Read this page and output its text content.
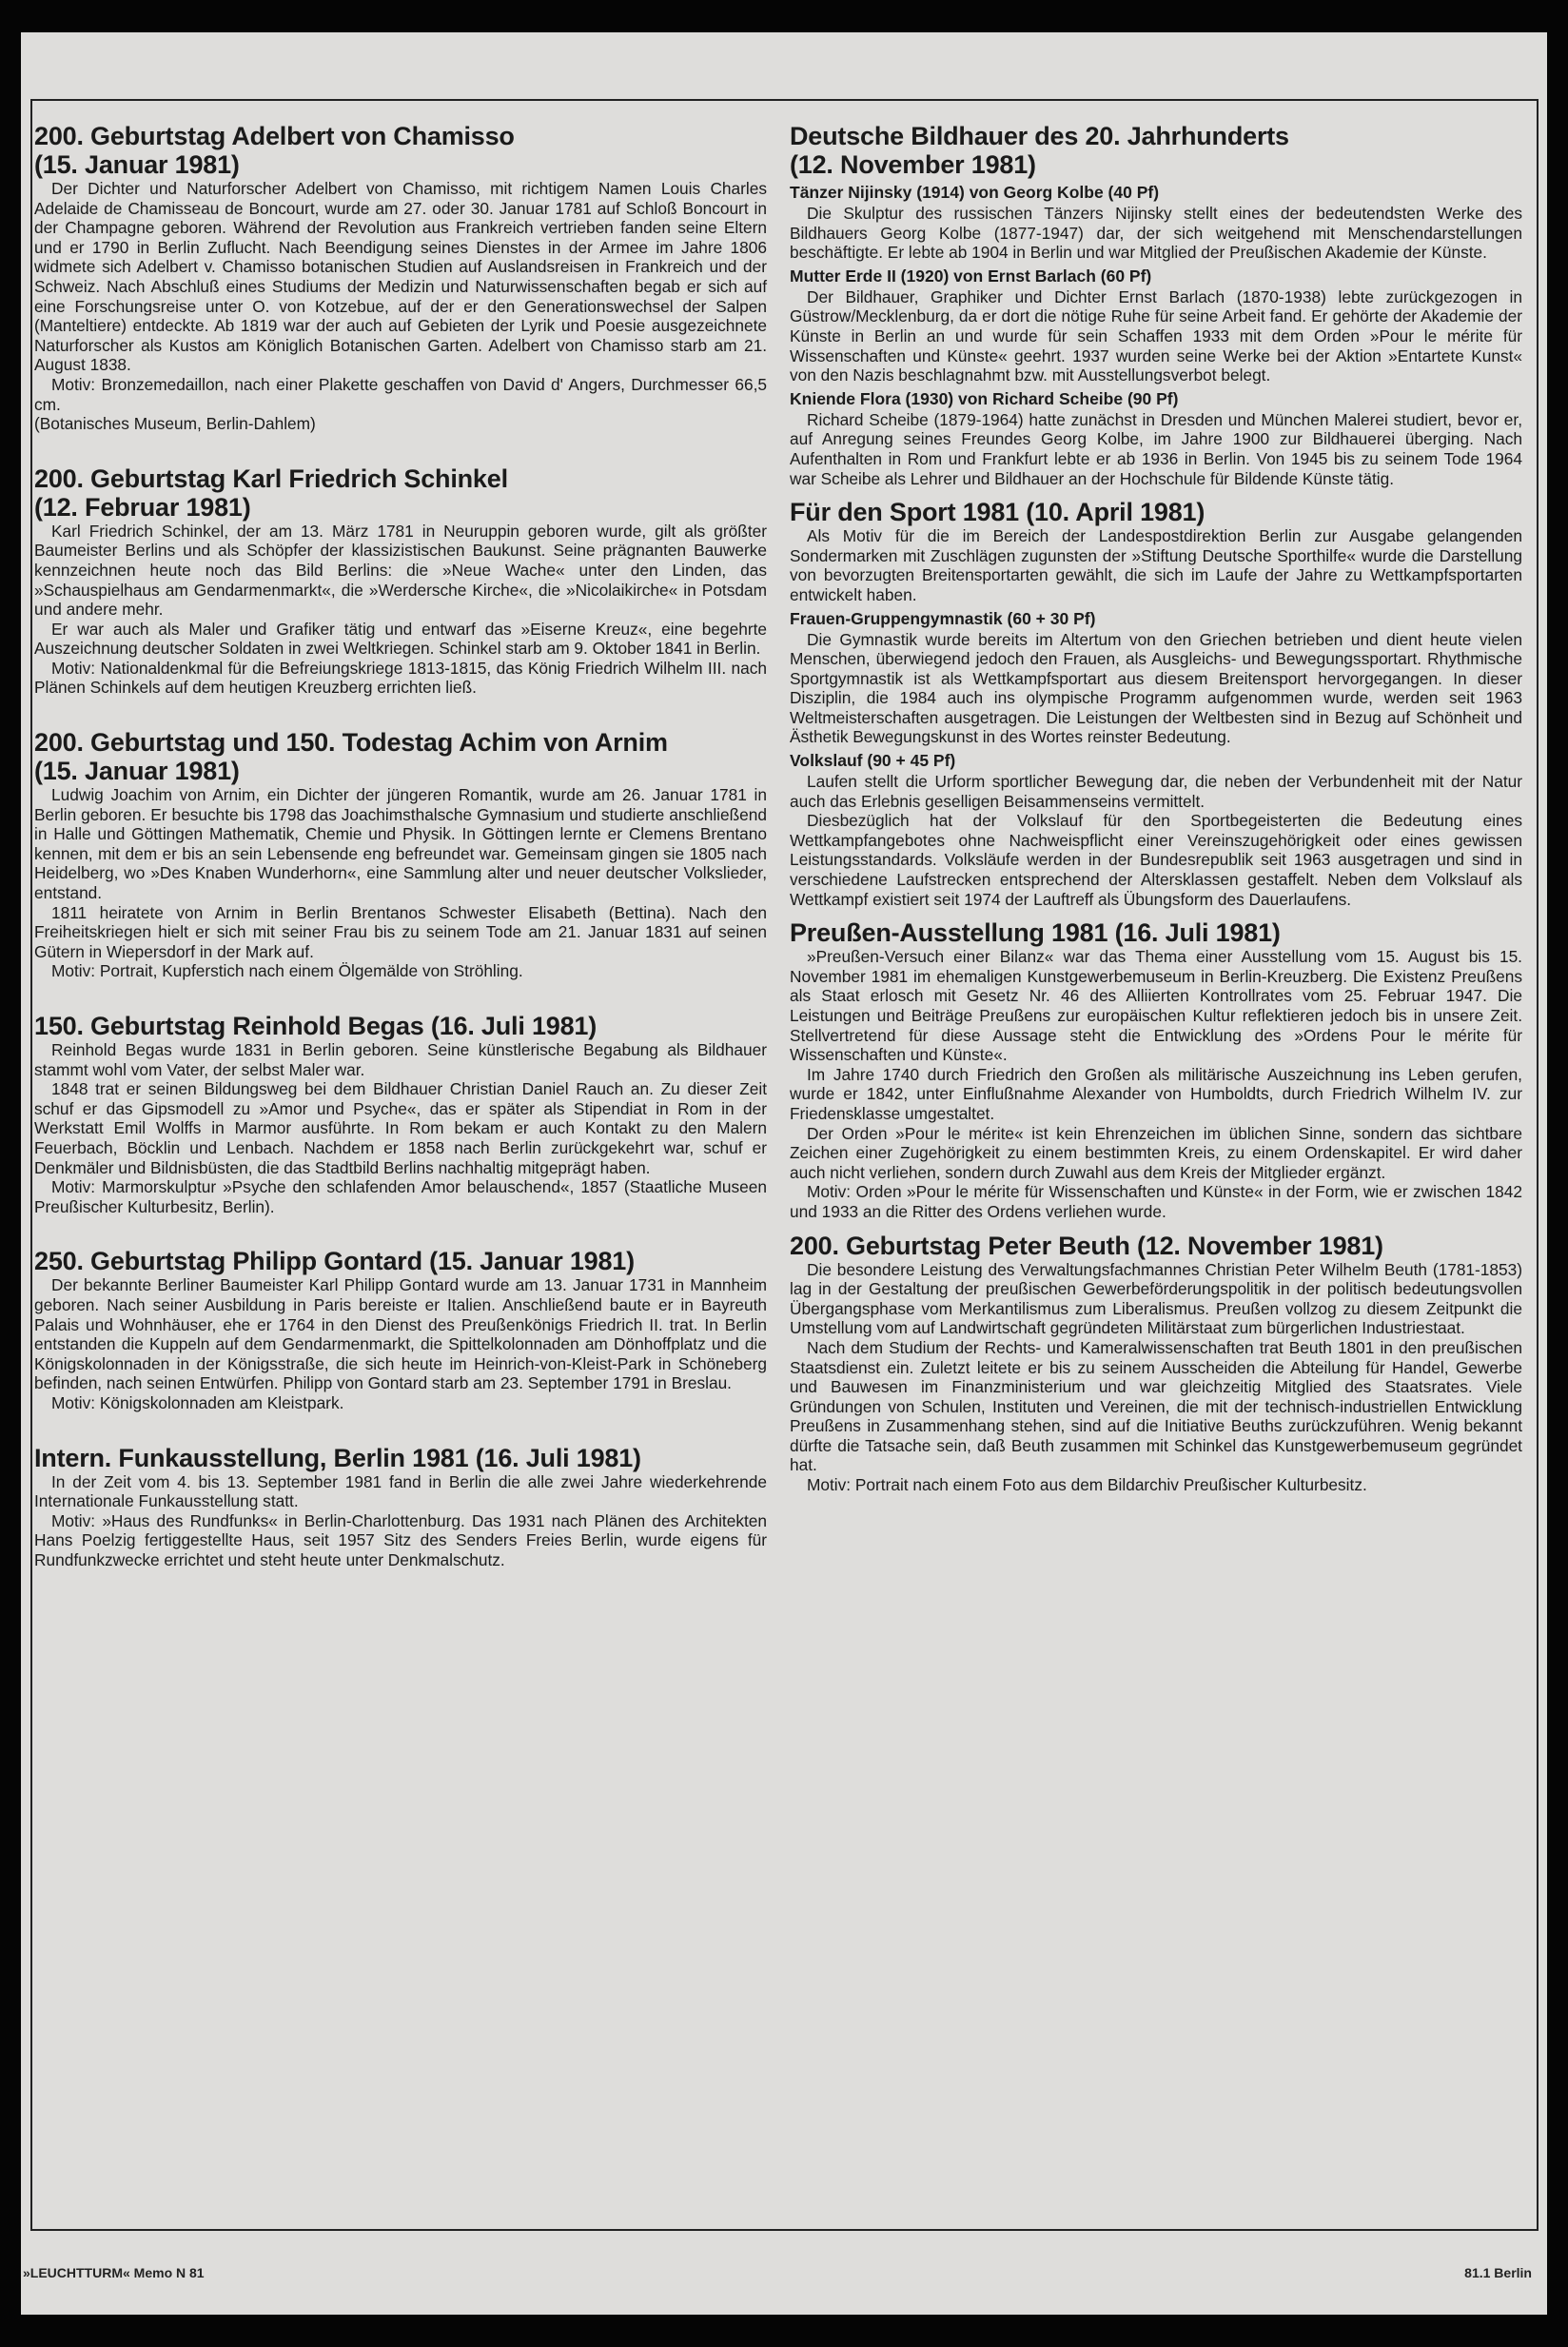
200. Geburtstag Adelbert von Chamisso
(15. Januar 1981)

Der Dichter und Naturforscher Adelbert von Chamisso, mit richtigem Namen Louis Charles Adelaide de Chamisseau de Boncourt, wurde am 27. oder 30. Januar 1781 auf Schloß Boncourt in der Champagne geboren. Während der Revolution aus Frankreich vertrieben fanden seine Eltern und er 1790 in Berlin Zuflucht. Nach Beendigung seines Dienstes in der Armee im Jahre 1806 widmete sich Adelbert v. Chamisso botanischen Studien auf Auslandsreisen in Frankreich und der Schweiz. Nach Abschluß eines Studiums der Medizin und Naturwissenschaften begab er sich auf eine Forschungsreise unter O. von Kotzebue, auf der er den Generationswechsel der Salpen (Manteltiere) entdeckte. Ab 1819 war der auch auf Gebieten der Lyrik und Poesie ausgezeichnete Naturforscher als Kustos am Königlich Botanischen Garten. Adelbert von Chamisso starb am 21. August 1838.

Motiv: Bronzemedaillon, nach einer Plakette geschaffen von David d' Angers, Durchmesser 66,5 cm.

(Botanisches Museum, Berlin-Dahlem)

200. Geburtstag Karl Friedrich Schinkel
(12. Februar 1981)

Karl Friedrich Schinkel, der am 13. März 1781 in Neuruppin geboren wurde, gilt als größter Baumeister Berlins und als Schöpfer der klassizistischen Baukunst. Seine prägnanten Bauwerke kennzeichnen heute noch das Bild Berlins: die »Neue Wache« unter den Linden, das »Schauspielhaus am Gendarmenmarkt«, die »Werdersche Kirche«, die »Nicolaikirche« in Potsdam und andere mehr.

Er war auch als Maler und Grafiker tätig und entwarf das »Eiserne Kreuz«, eine begehrte Auszeichnung deutscher Soldaten in zwei Weltkriegen. Schinkel starb am 9. Oktober 1841 in Berlin.

Motiv: Nationaldenkmal für die Befreiungskriege 1813-1815, das König Friedrich Wilhelm III. nach Plänen Schinkels auf dem heutigen Kreuzberg errichten ließ.

200. Geburtstag und 150. Todestag Achim von Arnim
(15. Januar 1981)

Ludwig Joachim von Arnim, ein Dichter der jüngeren Romantik, wurde am 26. Januar 1781 in Berlin geboren. Er besuchte bis 1798 das Joachimsthalsche Gymnasium und studierte anschließend in Halle und Göttingen Mathematik, Chemie und Physik. In Göttingen lernte er Clemens Brentano kennen, mit dem er bis an sein Lebensende eng befreundet war. Gemeinsam gingen sie 1805 nach Heidelberg, wo »Des Knaben Wunderhorn«, eine Sammlung alter und neuer deutscher Volkslieder, entstand.

1811 heiratete von Arnim in Berlin Brentanos Schwester Elisabeth (Bettina). Nach den Freiheitskriegen hielt er sich mit seiner Frau bis zu seinem Tode am 21. Januar 1831 auf seinen Gütern in Wiepersdorf in der Mark auf.

Motiv: Portrait, Kupferstich nach einem Ölgemälde von Ströhling.

150. Geburtstag Reinhold Begas (16. Juli 1981)

Reinhold Begas wurde 1831 in Berlin geboren. Seine künstlerische Begabung als Bildhauer stammt wohl vom Vater, der selbst Maler war.

1848 trat er seinen Bildungsweg bei dem Bildhauer Christian Daniel Rauch an. Zu dieser Zeit schuf er das Gipsmodell zu »Amor und Psyche«, das er später als Stipendiat in Rom in der Werkstatt Emil Wolffs in Marmor ausführte. In Rom bekam er auch Kontakt zu den Malern Feuerbach, Böcklin und Lenbach. Nachdem er 1858 nach Berlin zurückgekehrt war, schuf er Denkmäler und Bildnisbüsten, die das Stadtbild Berlins nachhaltig mitgeprägt haben.

Motiv: Marmorskulptur »Psyche den schlafenden Amor belauschend«, 1857 (Staatliche Museen Preußischer Kulturbesitz, Berlin).

250. Geburtstag Philipp Gontard (15. Januar 1981)

Der bekannte Berliner Baumeister Karl Philipp Gontard wurde am 13. Januar 1731 in Mannheim geboren. Nach seiner Ausbildung in Paris bereiste er Italien. Anschließend baute er in Bayreuth Palais und Wohnhäuser, ehe er 1764 in den Dienst des Preußenkönigs Friedrich II. trat. In Berlin entstanden die Kuppeln auf dem Gendarmenmarkt, die Spittelkolonnaden am Dönhoffplatz und die Königskolonnaden in der Königsstraße, die sich heute im Heinrich-von-Kleist-Park in Schöneberg befinden, nach seinen Entwürfen. Philipp von Gontard starb am 23. September 1791 in Breslau.

Motiv: Königskolonnaden am Kleistpark.

Intern. Funkausstellung, Berlin 1981 (16. Juli 1981)

In der Zeit vom 4. bis 13. September 1981 fand in Berlin die alle zwei Jahre wiederkehrende Internationale Funkausstellung statt.

Motiv: »Haus des Rundfunks« in Berlin-Charlottenburg. Das 1931 nach Plänen des Architekten Hans Poelzig fertiggestellte Haus, seit 1957 Sitz des Senders Freies Berlin, wurde eigens für Rundfunkzwecke errichtet und steht heute unter Denkmalschutz.

Deutsche Bildhauer des 20. Jahrhunderts
(12. November 1981)
Tänzer Nijinsky (1914) von Georg Kolbe (40 Pf)

Die Skulptur des russischen Tänzers Nijinsky stellt eines der bedeutendsten Werke des Bildhauers Georg Kolbe (1877-1947) dar, der sich weitgehend mit Menschendarstellungen beschäftigte. Er lebte ab 1904 in Berlin und war Mitglied der Preußischen Akademie der Künste.

Mutter Erde II (1920) von Ernst Barlach (60 Pf)

Der Bildhauer, Graphiker und Dichter Ernst Barlach (1870-1938) lebte zurückgezogen in Güstrow/Mecklenburg, da er dort die nötige Ruhe für seine Arbeit fand. Er gehörte der Akademie der Künste in Berlin an und wurde für sein Schaffen 1933 mit dem Orden »Pour le mérite für Wissenschaften und Künste« geehrt. 1937 wurden seine Werke bei der Aktion »Entartete Kunst« von den Nazis beschlagnahmt bzw. mit Ausstellungsverbot belegt.

Kniende Flora (1930) von Richard Scheibe (90 Pf)

Richard Scheibe (1879-1964) hatte zunächst in Dresden und München Malerei studiert, bevor er, auf Anregung seines Freundes Georg Kolbe, im Jahre 1900 zur Bildhauerei überging. Nach Aufenthalten in Rom und Frankfurt lebte er ab 1936 in Berlin. Von 1945 bis zu seinem Tode 1964 war Scheibe als Lehrer und Bildhauer an der Hochschule für Bildende Künste tätig.

Für den Sport 1981 (10. April 1981)

Als Motiv für die im Bereich der Landespostdirektion Berlin zur Ausgabe gelangenden Sondermarken mit Zuschlägen zugunsten der »Stiftung Deutsche Sporthilfe« wurde die Darstellung von bevorzugten Breitensportarten gewählt, die sich im Laufe der Jahre zu Wettkampfsportarten entwickelt haben.

Frauen-Gruppengymnastik (60 + 30 Pf)

Die Gymnastik wurde bereits im Altertum von den Griechen betrieben und dient heute vielen Menschen, überwiegend jedoch den Frauen, als Ausgleichs- und Bewegungssportart. Rhythmische Sportgymnastik ist als Wettkampfsportart aus diesem Breitensport hervorgegangen. In dieser Disziplin, die 1984 auch ins olympische Programm aufgenommen wurde, werden seit 1963 Weltmeisterschaften ausgetragen. Die Leistungen der Weltbesten sind in Bezug auf Schönheit und Ästhetik Bewegungskunst in des Wortes reinster Bedeutung.

Volkslauf (90 + 45 Pf)

Laufen stellt die Urform sportlicher Bewegung dar, die neben der Verbundenheit mit der Natur auch das Erlebnis geselligen Beisammenseins vermittelt.

Diesbezüglich hat der Volkslauf für den Sportbegeisterten die Bedeutung eines Wettkampfangebotes ohne Nachweispflicht einer Vereinszugehörigkeit oder eines gewissen Leistungsstandards. Volksläufe werden in der Bundesrepublik seit 1963 ausgetragen und sind in verschiedene Laufstrecken entsprechend der Altersklassen gestaffelt. Neben dem Volkslauf als Wettkampf existiert seit 1974 der Lauftreff als Übungsform des Dauerlaufens.

Preußen-Ausstellung 1981 (16. Juli 1981)

»Preußen-Versuch einer Bilanz« war das Thema einer Ausstellung vom 15. August bis 15. November 1981 im ehemaligen Kunstgewerbemuseum in Berlin-Kreuzberg. Die Existenz Preußens als Staat erlosch mit Gesetz Nr. 46 des Alliierten Kontrollrates vom 25. Februar 1947. Die Leistungen und Beiträge Preußens zur europäischen Kultur reflektieren jedoch bis in unsere Zeit. Stellvertretend für diese Aussage steht die Entwicklung des »Ordens Pour le mérite für Wissenschaften und Künste«.

Im Jahre 1740 durch Friedrich den Großen als militärische Auszeichnung ins Leben gerufen, wurde er 1842, unter Einflußnahme Alexander von Humboldts, durch Friedrich Wilhelm IV. zur Friedensklasse umgestaltet.

Der Orden »Pour le mérite« ist kein Ehrenzeichen im üblichen Sinne, sondern das sichtbare Zeichen einer Zugehörigkeit zu einem bestimmten Kreis, zu einem Ordenskapitel. Er wird daher auch nicht verliehen, sondern durch Zuwahl aus dem Kreis der Mitglieder ergänzt.

Motiv: Orden »Pour le mérite für Wissenschaften und Künste« in der Form, wie er zwischen 1842 und 1933 an die Ritter des Ordens verliehen wurde.

200. Geburtstag Peter Beuth (12. November 1981)

Die besondere Leistung des Verwaltungsfachmannes Christian Peter Wilhelm Beuth (1781-1853) lag in der Gestaltung der preußischen Gewerbeförderungspolitik in der politisch bedeutungsvollen Übergangsphase vom Merkantilismus zum Liberalismus. Preußen vollzog zu diesem Zeitpunkt die Umstellung vom auf Landwirtschaft gegründeten Militärstaat zum bürgerlichen Industriestaat.

Nach dem Studium der Rechts- und Kameralwissenschaften trat Beuth 1801 in den preußischen Staatsdienst ein. Zuletzt leitete er bis zu seinem Ausscheiden die Abteilung für Handel, Gewerbe und Bauwesen im Finanzministerium und war gleichzeitig Mitglied des Staatsrates. Viele Gründungen von Schulen, Instituten und Vereinen, die mit der technisch-industriellen Entwicklung Preußens in Zusammenhang stehen, sind auf die Initiative Beuths zurückzuführen. Wenig bekannt dürfte die Tatsache sein, daß Beuth zusammen mit Schinkel das Kunstgewerbemuseum gegründet hat.

Motiv: Portrait nach einem Foto aus dem Bildarchiv Preußischer Kulturbesitz.

»LEUCHTTURM« Memo N 81	81.1 Berlin
